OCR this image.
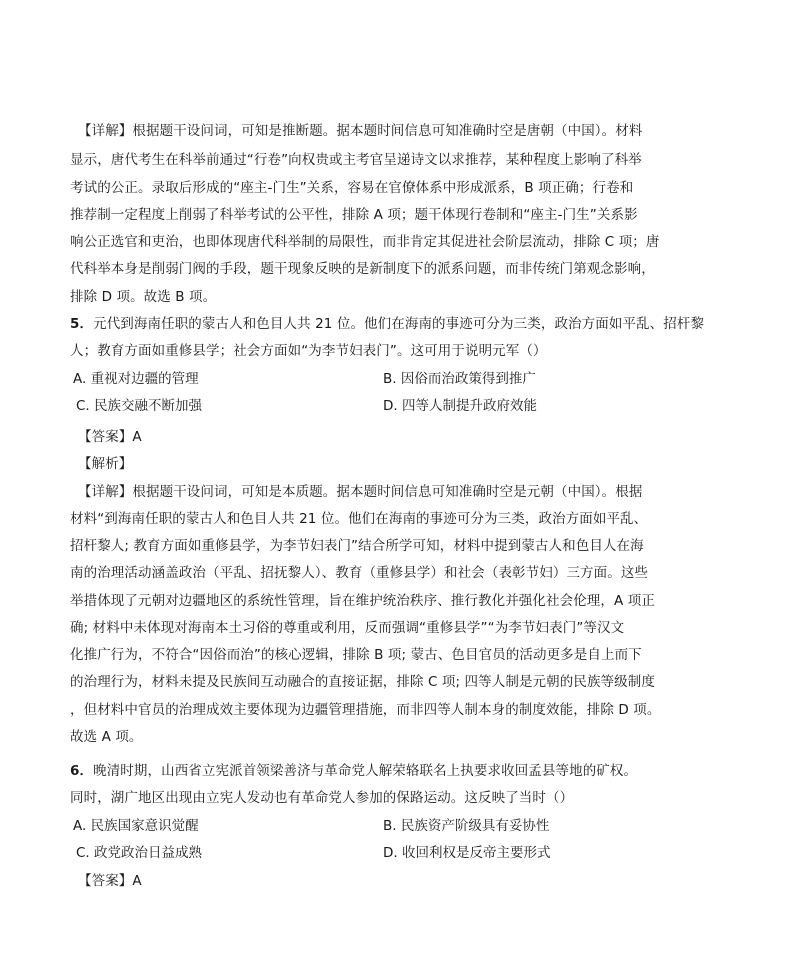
【详解】根据题干设问词，可知是推断题。据本题时间信息可知准确时空是唐朝（中国）。材料
显示，唐代考生在科举前通过“行卷”向权贵或主考官呈递诗文以求推荐，某种程度上影响了科举
考试的公正。录取后形成的“座主-门生”关系，容易在官僚体系中形成派系，B 项正确；行卷和
推荐制一定程度上削弱了科举考试的公平性，排除 A 项；题干体现行卷制和“座主-门生”关系影
响公正选官和吏治，也即体现唐代科举制的局限性，而非肯定其促进社会阶层流动，排除 C 项；唐
代科举本身是削弱门阀的手段，题干现象反映的是新制度下的派系问题，而非传统门第观念影响，
排除 D 项。故选 B 项。
5．元代到海南任职的蒙古人和色目人共 21 位。他们在海南的事迹可分为三类，政治方面如平乱、招杆黎
人；教育方面如重修县学；社会方面如“为李节妇表门”。这可用于说明元军（）
A. 重视对边疆的管理	B. 因俗而治政策得到推广
C. 民族交融不断加强	D. 四等人制提升政府效能
【答案】A
【解析】
【详解】根据题干设问词，可知是本质题。据本题时间信息可知准确时空是元朝（中国）。根据
材料“到海南任职的蒙古人和色目人共 21 位。他们在海南的事迹可分为三类，政治方面如平乱、
招杆黎人; 教育方面如重修县学，为李节妇表门”结合所学可知，材料中提到蒙古人和色目人在海
南的治理活动涵盖政治（平乱、招抚黎人）、教育（重修县学）和社会（表彰节妇）三方面。这些
举措体现了元朝对边疆地区的系统性管理，旨在维护统治秩序、推行教化并强化社会伦理，A 项正
确; 材料中未体现对海南本土习俗的尊重或利用，反而强调“重修县学”“为李节妇表门”等汉文
化推广行为，不符合“因俗而治”的核心逻辑，排除 B 项; 蒙古、色目官员的活动更多是自上而下
的治理行为，材料未提及民族间互动融合的直接证据，排除 C 项; 四等人制是元朝的民族等级制度
，但材料中官员的治理成效主要体现为边疆管理措施，而非四等人制本身的制度效能，排除 D 项。
故选 A 项。
6．晚清时期，山西省立宪派首领梁善济与革命党人解荣辂联名上执要求收回孟县等地的矿权。
同时，湖广地区出现由立宪人发动也有革命党人参加的保路运动。这反映了当时（）
A. 民族国家意识觉醒	B. 民族资产阶级具有妥协性
C. 政党政治日益成熟	D. 收回利权是反帝主要形式
【答案】A
